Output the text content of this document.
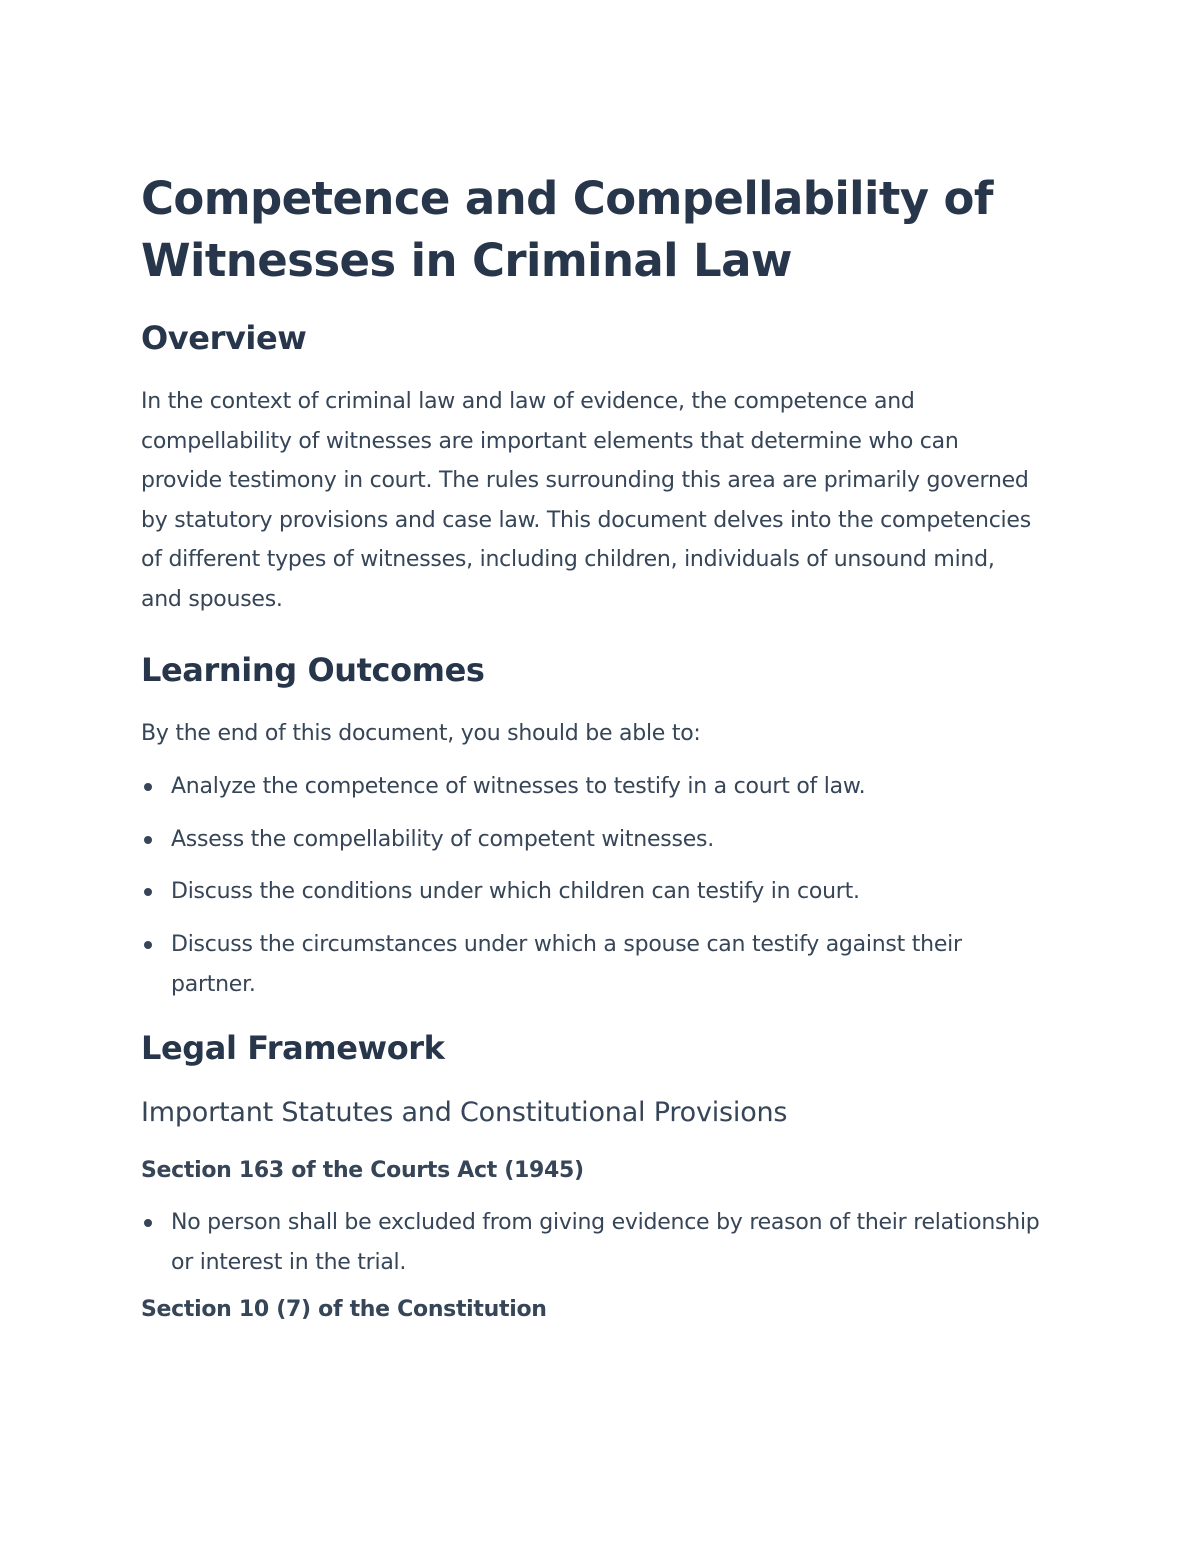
Competence and Compellability of Witnesses in Criminal Law
Overview

In the context of criminal law and law of evidence, the competence and compellability of witnesses are important elements that determine who can provide testimony in court. The rules surrounding this area are primarily governed by statutory provisions and case law. This document delves into the competencies of different types of witnesses, including children, individuals of unsound mind, and spouses.

Learning Outcomes

By the end of this document, you should be able to:

Analyze the competence of witnesses to testify in a court of law.
Assess the compellability of competent witnesses.
Discuss the conditions under which children can testify in court.
Discuss the circumstances under which a spouse can testify against their partner.
Legal Framework
Important Statutes and Constitutional Provisions
Section 163 of the Courts Act (1945)
No person shall be excluded from giving evidence by reason of their relationship or interest in the trial.
Section 10 (7) of the Constitution
